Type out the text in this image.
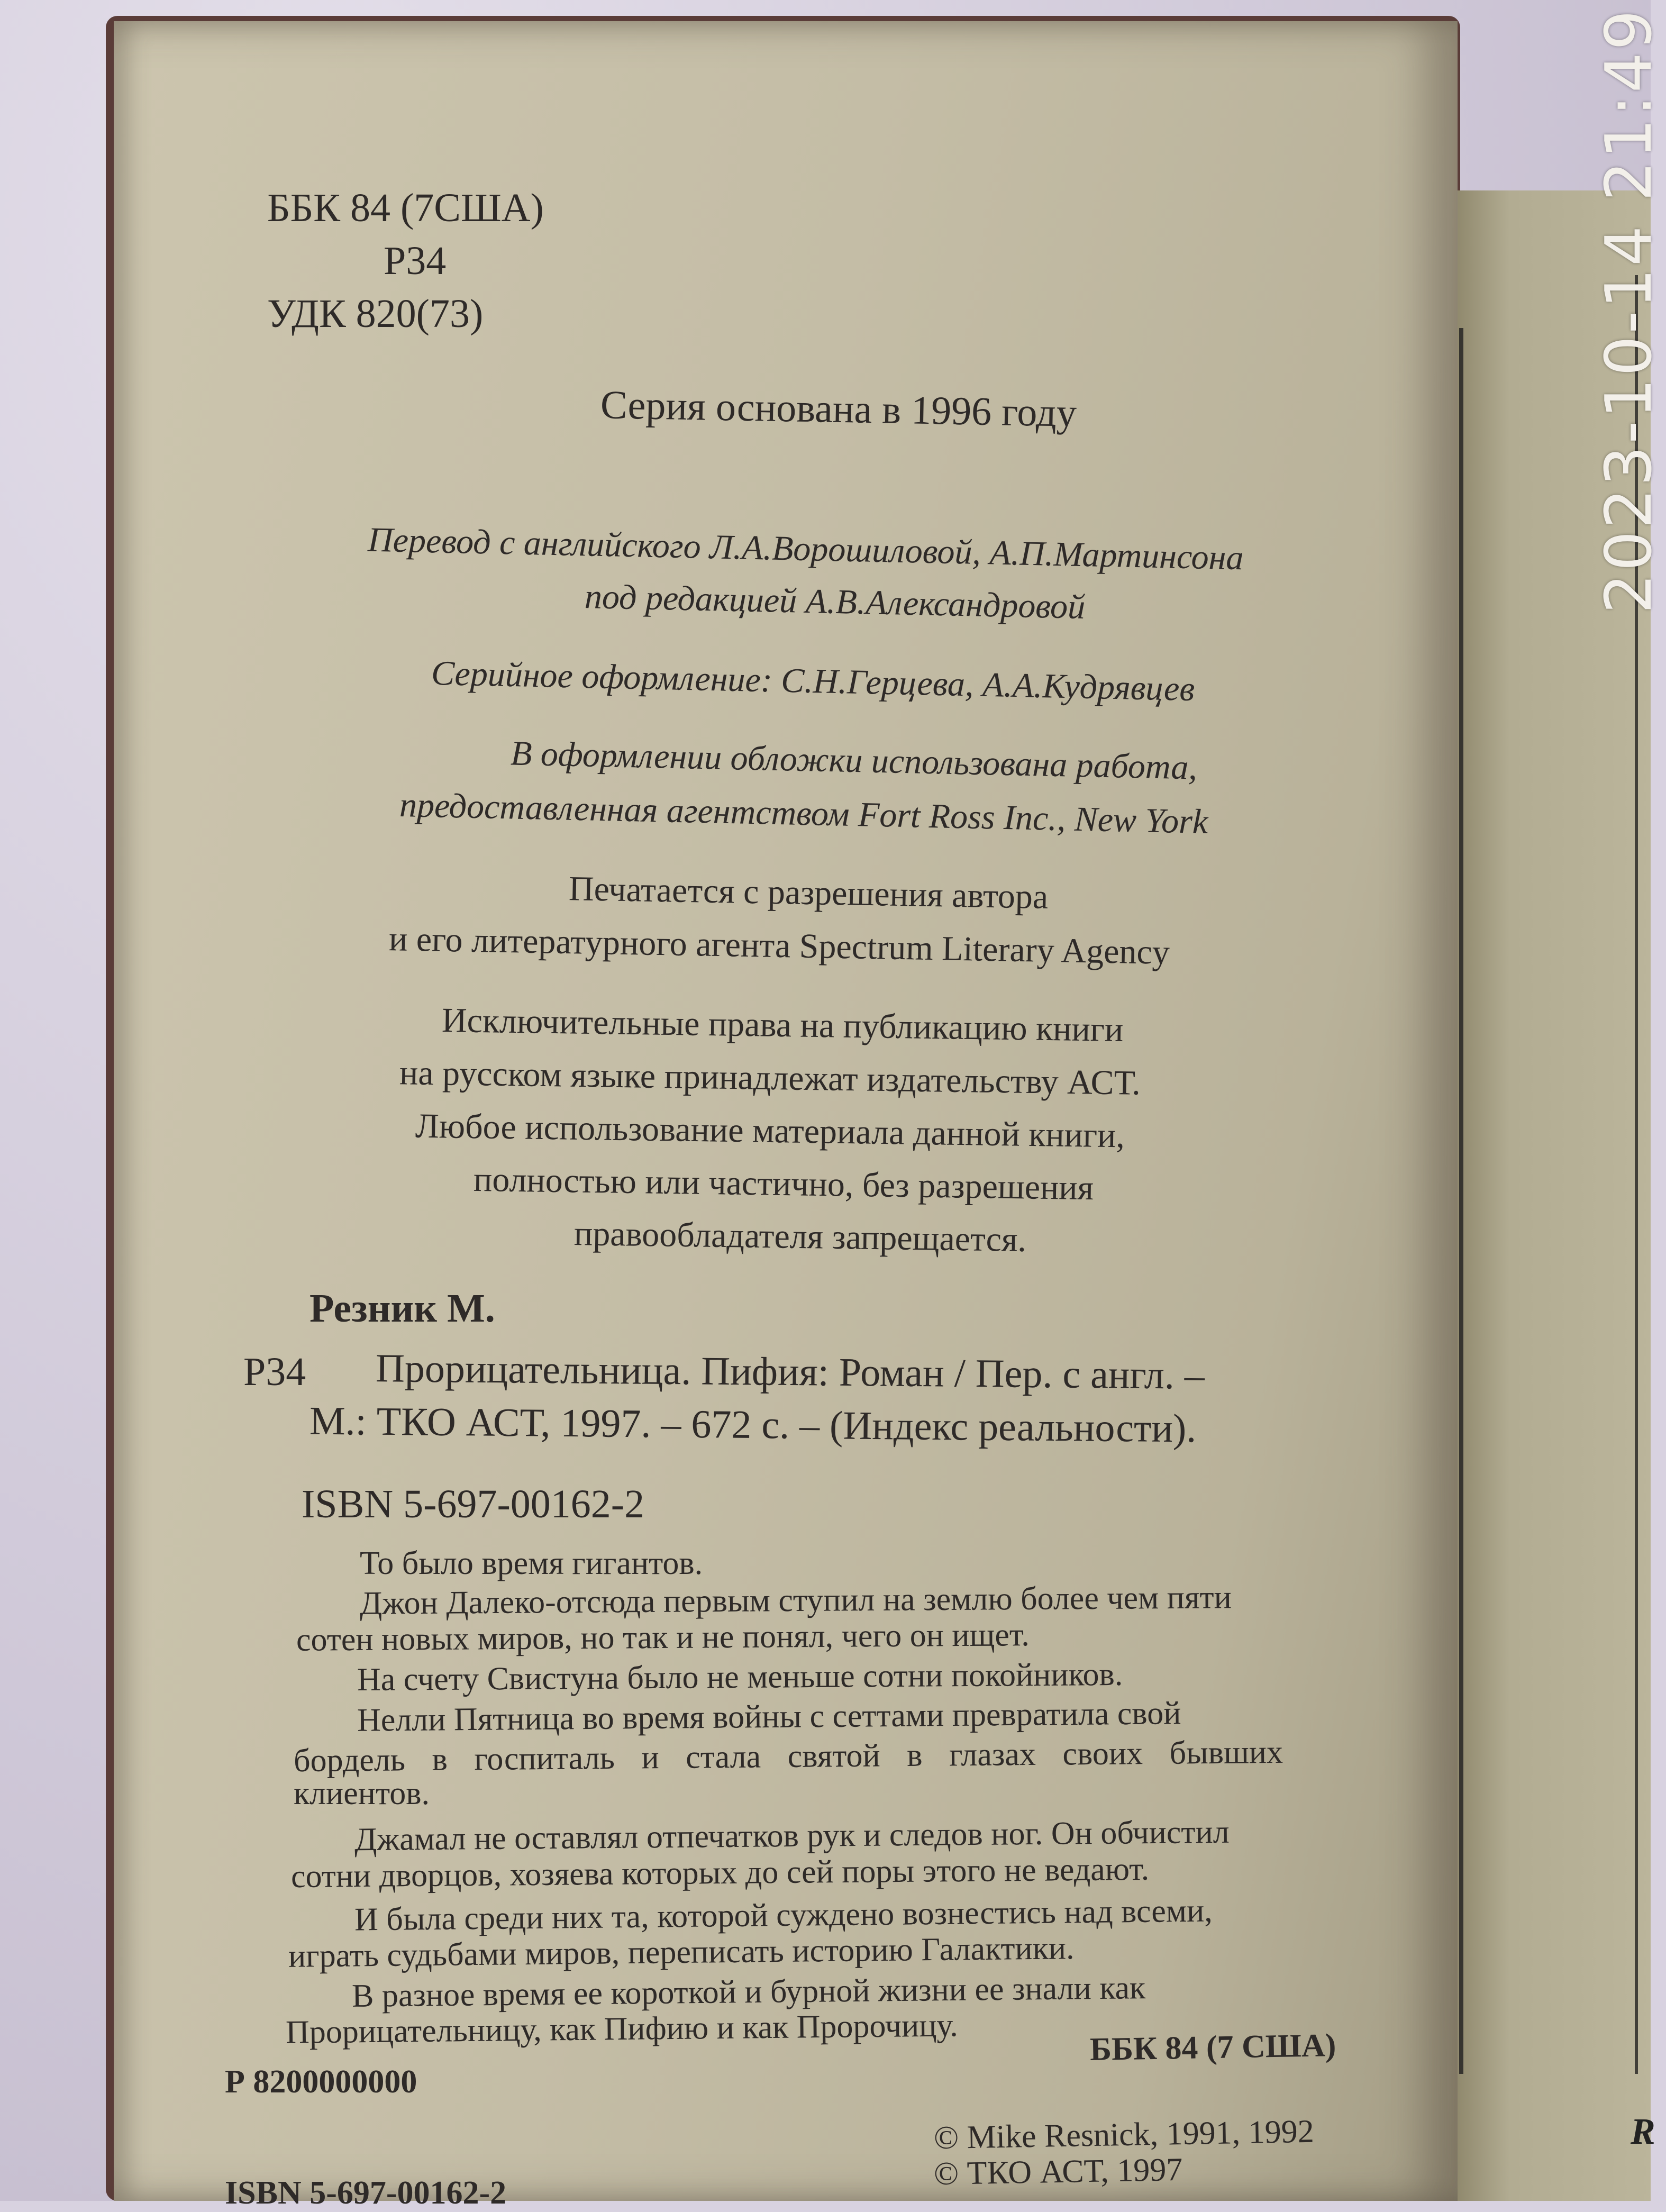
R
ББК 84 (7США)
Р34
УДК 820(73)
Серия основана в 1996 году
Перевод с английского Л.А.Ворошиловой, А.П.Мартинсона
под редакцией А.В.Александровой
Серийное оформление: С.Н.Герцева, А.А.Кудрявцев
В оформлении обложки использована работа,
предоставленная агентством Fort Ross Inc., New York
Печатается с разрешения автора
и его литературного агента Spectrum Literary Agency
Исключительные права на публикацию книги
на русском языке принадлежат издательству АСТ.
Любое использование материала данной книги,
полностью или частично, без разрешения
правообладателя запрещается.
Резник М.
Р34 Прорицательница. Пифия: Роман / Пер. с англ. –
М.: ТКО АСТ, 1997. – 672 с. – (Индекс реальности).
ISBN 5-697-00162-2
То было время гигантов.
Джон Далеко-отсюда первым ступил на землю более чем пяти
сотен новых миров, но так и не понял, чего он ищет.
На счету Свистуна было не меньше сотни покойников.
Нелли Пятница во время войны с сеттами превратила свой
бордель в госпиталь и стала святой в глазах своих бывших
клиентов.
Джамал не оставлял отпечатков рук и следов ног. Он обчистил
сотни дворцов, хозяева которых до сей поры этого не ведают.
И была среди них та, которой суждено вознестись над всеми,
играть судьбами миров, переписать историю Галактики.
В разное время ее короткой и бурной жизни ее знали как
Прорицательницу, как Пифию и как Пророчицу.
Р 8200000000
ББК 84 (7 США)
© Mike Resnick, 1991, 1992
© ТКО АСТ, 1997
ISBN 5-697-00162-2
2023-10-14 21:49
